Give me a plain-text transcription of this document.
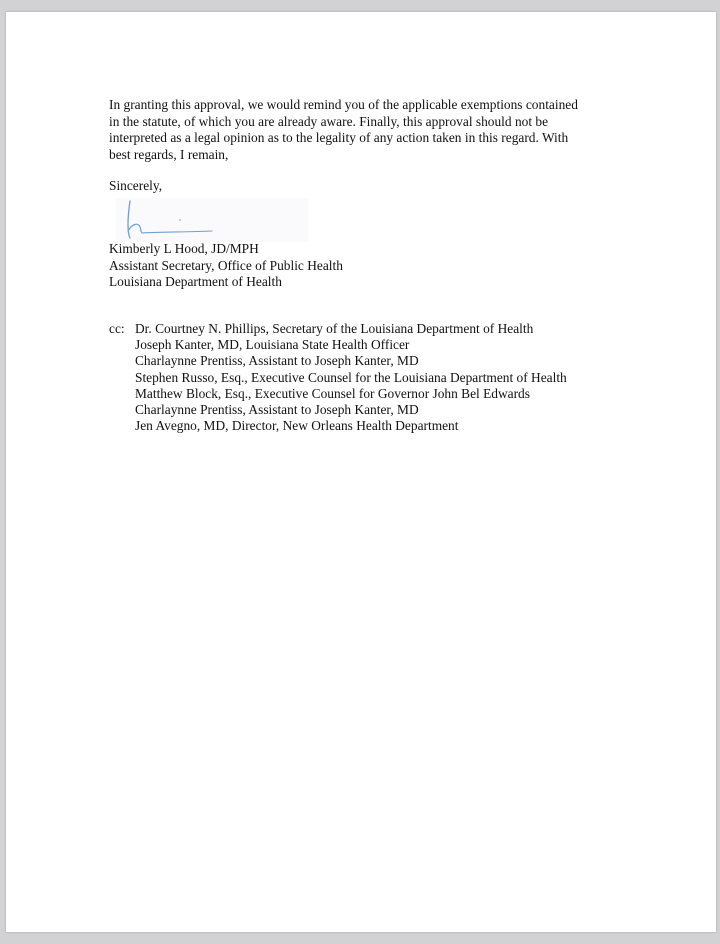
In granting this approval, we would remind you of the applicable exemptions contained
in the statute, of which you are already aware. Finally, this approval should not be
interpreted as a legal opinion as to the legality of any action taken in this regard. With
best regards, I remain,
Sincerely,
Kimberly L Hood, JD/MPH
Assistant Secretary, Office of Public Health
Louisiana Department of Health
cc: Dr. Courtney N. Phillips, Secretary of the Louisiana Department of Health
Joseph Kanter, MD, Louisiana State Health Officer
Charlaynne Prentiss, Assistant to Joseph Kanter, MD
Stephen Russo, Esq., Executive Counsel for the Louisiana Department of Health
Matthew Block, Esq., Executive Counsel for Governor John Bel Edwards
Charlaynne Prentiss, Assistant to Joseph Kanter, MD
Jen Avegno, MD, Director, New Orleans Health Department
